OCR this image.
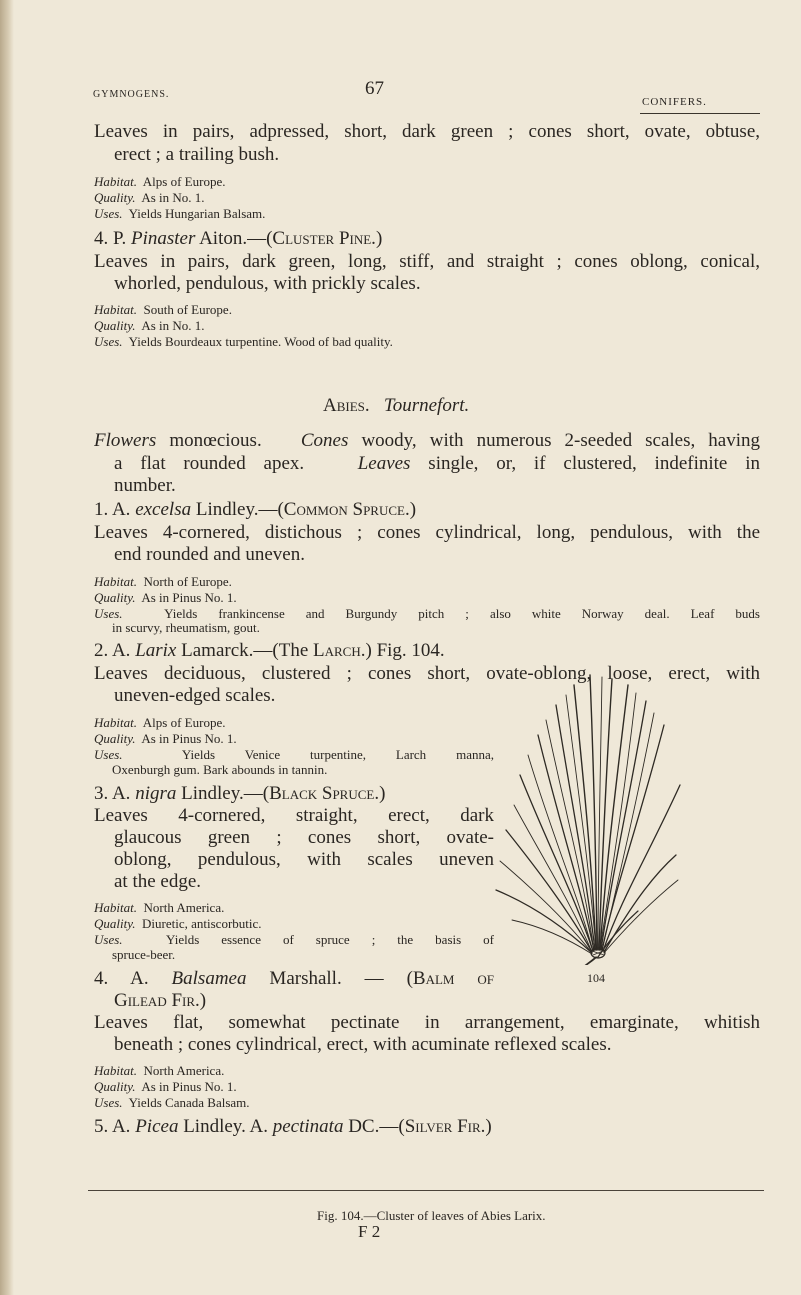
GYMNOGENS.	67
CONIFERS.
Leaves in pairs, adpressed, short, dark green ; cones short, ovate, obtuse,
erect ; a trailing bush.
Habitat. Alps of Europe.
Quality. As in No. 1.
Uses. Yields Hungarian Balsam.
4. P. Pinaster Aiton.—(Cluster Pine.)
Leaves in pairs, dark green, long, stiff, and straight ; cones oblong, conical,
whorled, pendulous, with prickly scales.
Habitat. South of Europe.
Quality. As in No. 1.
Uses. Yields Bourdeaux turpentine. Wood of bad quality.
Abies. Tournefort.
Flowers monœcious. Cones woody, with numerous 2-seeded scales, having
a flat rounded apex.	Leaves single, or, if clustered, indefinite in
number.
1. A. excelsa Lindley.—(Common Spruce.)
Leaves 4-cornered, distichous ; cones cylindrical, long, pendulous, with the
end rounded and uneven.
Habitat. North of Europe.
Quality. As in Pinus No. 1.
Uses.	Yields frankincense and Burgundy pitch ; also white Norway deal. Leaf buds
in scurvy, rheumatism, gout.
2. A. Larix Lamarck.—(The Larch.) Fig. 104.
Leaves deciduous, clustered ; cones short, ovate-oblong, loose, erect, with
uneven-edged scales.
Habitat. Alps of Europe.
Quality. As in Pinus No. 1.
Uses.	Yields Venice turpentine, Larch manna,
Oxenburgh gum. Bark abounds in tannin.
3. A. nigra Lindley.—(Black Spruce.)
Leaves 4-cornered, straight, erect, dark
glaucous green ; cones short, ovate-
oblong, pendulous, with scales uneven
at the edge.
Habitat. North America.
Quality. Diuretic, antiscorbutic.
Uses.	Yields essence of spruce ; the basis of
spruce-beer.
4. A. Balsamea Marshall. — (Balm of
Gilead Fir.)
Leaves flat, somewhat pectinate in arrangement, emarginate, whitish
beneath ; cones cylindrical, erect, with acuminate reflexed scales.
Habitat. North America.
Quality. As in Pinus No. 1.
Uses. Yields Canada Balsam.
5. A. Picea Lindley. A. pectinata DC.—(Silver Fir.)
104
Fig. 104.—Cluster of leaves of Abies Larix.
F 2
